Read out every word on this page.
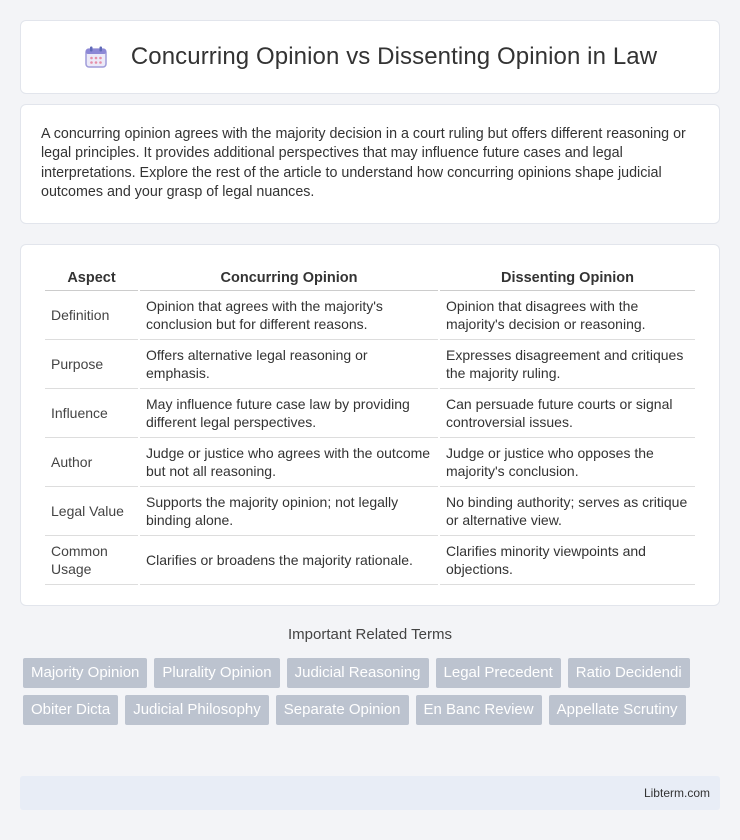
Concurring Opinion vs Dissenting Opinion in Law

A concurring opinion agrees with the majority decision in a court ruling but offers different reasoning or legal principles. It provides additional perspectives that may influence future cases and legal interpretations. Explore the rest of the article to understand how concurring opinions shape judicial outcomes and your grasp of legal nuances.

Aspect	Concurring Opinion	Dissenting Opinion
Definition	Opinion that agrees with the majority's conclusion but for different reasons.	Opinion that disagrees with the majority's decision or reasoning.
Purpose	Offers alternative legal reasoning or emphasis.	Expresses disagreement and critiques the majority ruling.
Influence	May influence future case law by providing different legal perspectives.	Can persuade future courts or signal controversial issues.
Author	Judge or justice who agrees with the outcome but not all reasoning.	Judge or justice who opposes the majority's conclusion.
Legal Value	Supports the majority opinion; not legally binding alone.	No binding authority; serves as critique or alternative view.
Common Usage	Clarifies or broadens the majority rationale.	Clarifies minority viewpoints and objections.
Important Related Terms
Majority Opinion	Plurality Opinion	Judicial Reasoning	Legal Precedent	Ratio Decidendi
Obiter Dicta	Judicial Philosophy	Separate Opinion	En Banc Review	Appellate Scrutiny
Libterm.com
